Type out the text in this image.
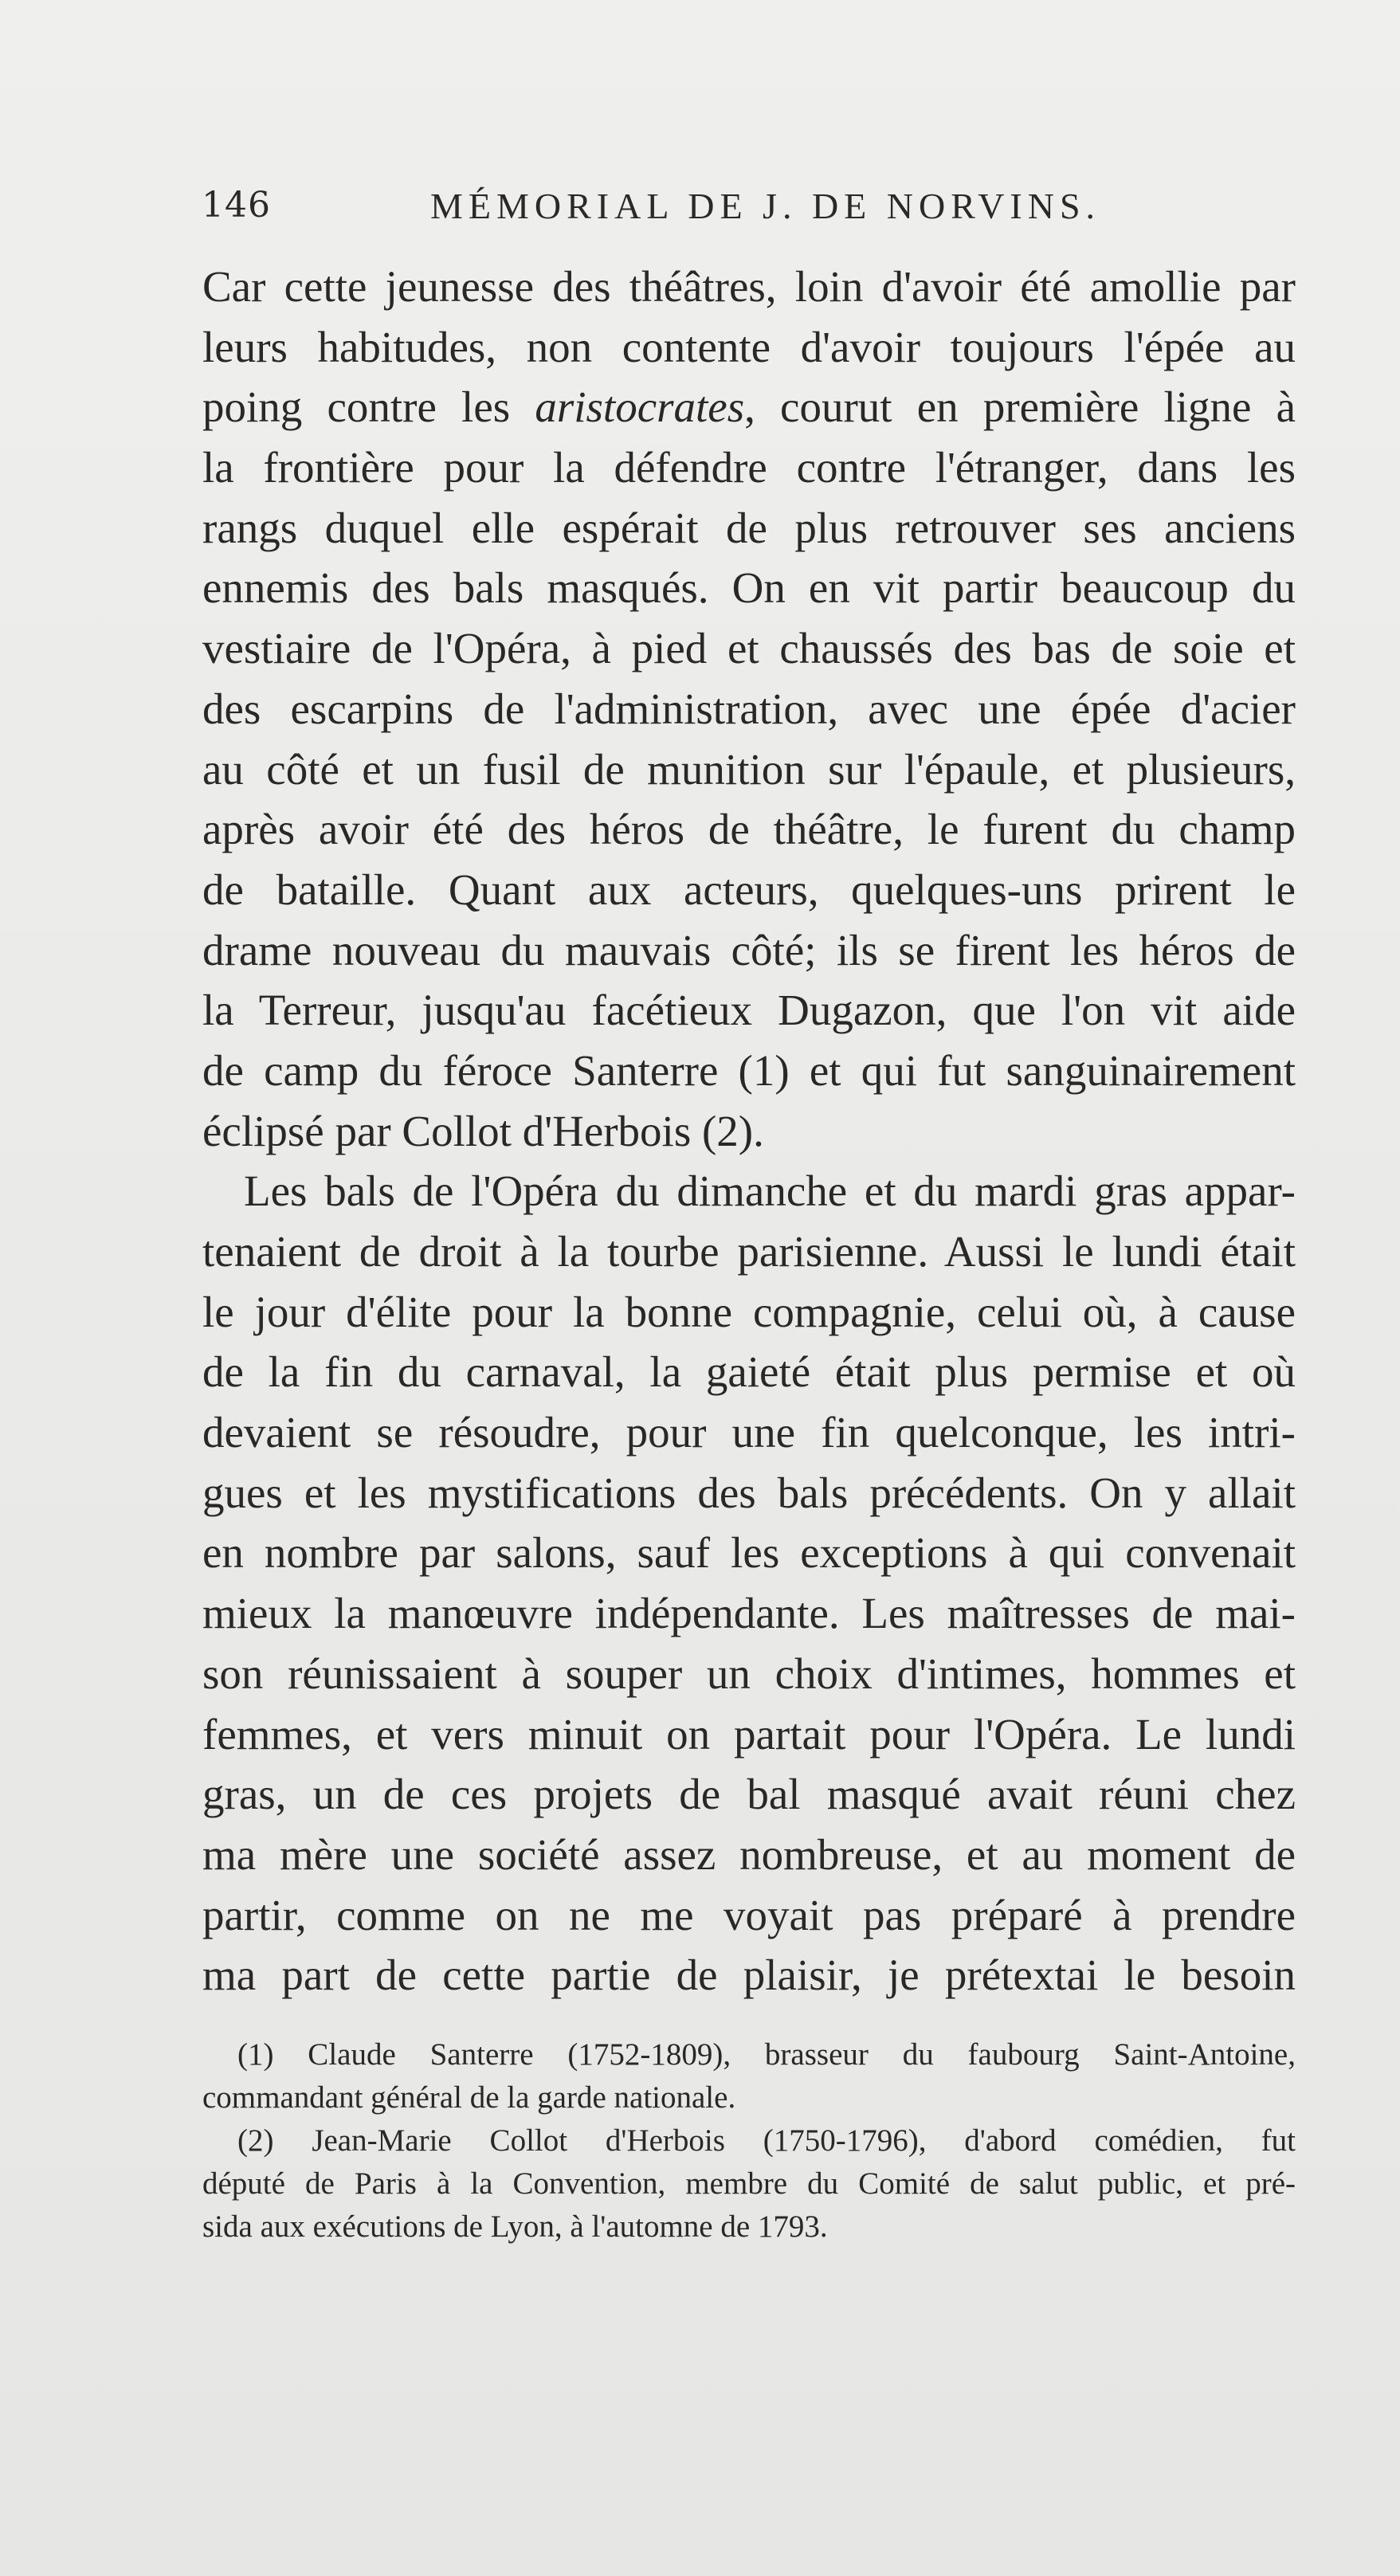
146	MÉMORIAL DE J. DE NORVINS.
Car cette jeunesse des théâtres, loin d'avoir été amollie par
leurs habitudes, non contente d'avoir toujours l'épée au
poing contre les aristocrates, courut en première ligne à
la frontière pour la défendre contre l'étranger, dans les
rangs duquel elle espérait de plus retrouver ses anciens
ennemis des bals masqués. On en vit partir beaucoup du
vestiaire de l'Opéra, à pied et chaussés des bas de soie et
des escarpins de l'administration, avec une épée d'acier
au côté et un fusil de munition sur l'épaule, et plusieurs,
après avoir été des héros de théâtre, le furent du champ
de bataille. Quant aux acteurs, quelques-uns prirent le
drame nouveau du mauvais côté; ils se firent les héros de
la Terreur, jusqu'au facétieux Dugazon, que l'on vit aide
de camp du féroce Santerre (1) et qui fut sanguinairement
éclipsé par Collot d'Herbois (2).
Les bals de l'Opéra du dimanche et du mardi gras appar-
tenaient de droit à la tourbe parisienne. Aussi le lundi était
le jour d'élite pour la bonne compagnie, celui où, à cause
de la fin du carnaval, la gaieté était plus permise et où
devaient se résoudre, pour une fin quelconque, les intri-
gues et les mystifications des bals précédents. On y allait
en nombre par salons, sauf les exceptions à qui convenait
mieux la manœuvre indépendante. Les maîtresses de mai-
son réunissaient à souper un choix d'intimes, hommes et
femmes, et vers minuit on partait pour l'Opéra. Le lundi
gras, un de ces projets de bal masqué avait réuni chez
ma mère une société assez nombreuse, et au moment de
partir, comme on ne me voyait pas préparé à prendre
ma part de cette partie de plaisir, je prétextai le besoin
(1) Claude Santerre (1752-1809), brasseur du faubourg Saint-Antoine,
commandant général de la garde nationale.
(2) Jean-Marie Collot d'Herbois (1750-1796), d'abord comédien, fut
député de Paris à la Convention, membre du Comité de salut public, et pré-
sida aux exécutions de Lyon, à l'automne de 1793.
